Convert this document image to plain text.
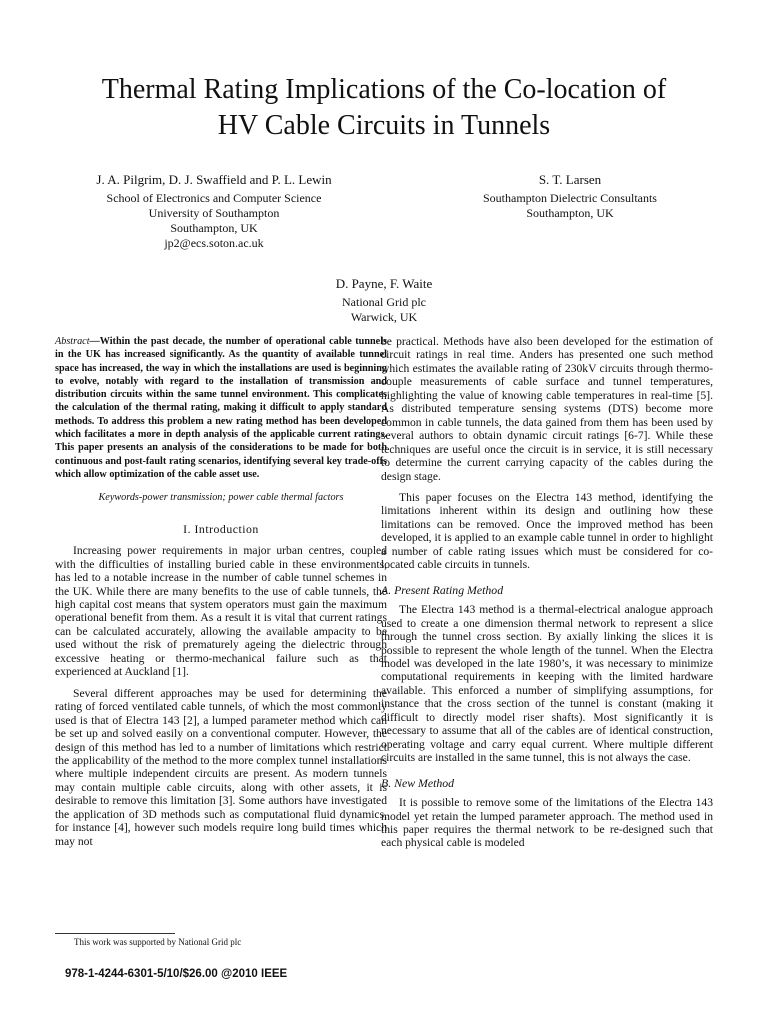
Thermal Rating Implications of the Co-location of
HV Cable Circuits in Tunnels
J. A. Pilgrim, D. J. Swaffield and P. L. Lewin
School of Electronics and Computer Science
University of Southampton
Southampton, UK
jp2@ecs.soton.ac.uk
S. T. Larsen
Southampton Dielectric Consultants
Southampton, UK
D. Payne, F. Waite
National Grid plc
Warwick, UK

Abstract—Within the past decade, the number of operational cable tunnels in the UK has increased significantly. As the quantity of available tunnel space has increased, the way in which the installations are used is beginning to evolve, notably with regard to the installation of transmission and distribution circuits within the same tunnel environment. This complicates the calculation of the thermal rating, making it difficult to apply standard methods. To address this problem a new rating method has been developed which facilitates a more in depth analysis of the applicable current ratings. This paper presents an analysis of the considerations to be made for both continuous and post-fault rating scenarios, identifying several key trade-offs which allow optimization of the cable asset use.

Keywords-power transmission; power cable thermal factors
I. Introduction

Increasing power requirements in major urban centres, coupled with the difficulties of installing buried cable in these environments, has led to a notable increase in the number of cable tunnel schemes in the UK. While there are many benefits to the use of cable tunnels, the high capital cost means that system operators must gain the maximum operational benefit from them. As a result it is vital that current ratings can be calculated accurately, allowing the available ampacity to be used without the risk of prematurely ageing the dielectric through excessive heating or thermo-mechanical failure such as that experienced at Auckland [1].

Several different approaches may be used for determining the rating of forced ventilated cable tunnels, of which the most commonly used is that of Electra 143 [2], a lumped parameter method which can be set up and solved easily on a conventional computer. However, the design of this method has led to a number of limitations which restrict the applicability of the method to the more complex tunnel installations where multiple independent circuits are present. As modern tunnels may contain multiple cable circuits, along with other assets, it is desirable to remove this limitation [3]. Some authors have investigated the application of 3D methods such as computational fluid dynamics, for instance [4], however such models require long build times which may not

be practical. Methods have also been developed for the estimation of circuit ratings in real time. Anders has presented one such method which estimates the available rating of 230kV circuits through thermo-couple measurements of cable surface and tunnel temperatures, highlighting the value of knowing cable temperatures in real-time [5]. As distributed temperature sensing systems (DTS) become more common in cable tunnels, the data gained from them has been used by several authors to obtain dynamic circuit ratings [6-7]. While these techniques are useful once the circuit is in service, it is still necessary to determine the current carrying capacity of the cables during the design stage.

This paper focuses on the Electra 143 method, identifying the limitations inherent within its design and outlining how these limitations can be removed. Once the improved method has been developed, it is applied to an example cable tunnel in order to highlight a number of cable rating issues which must be considered for co-located cable circuits in tunnels.

A. Present Rating Method

The Electra 143 method is a thermal-electrical analogue approach used to create a one dimension thermal network to represent a slice through the tunnel cross section. By axially linking the slices it is possible to represent the whole length of the tunnel. When the Electra model was developed in the late 1980’s, it was necessary to minimize computational requirements in keeping with the limited hardware available. This enforced a number of simplifying assumptions, for instance that the cross section of the tunnel is constant (making it difficult to directly model riser shafts). Most significantly it is necessary to assume that all of the cables are of identical construction, operating voltage and carry equal current. Where multiple different circuits are installed in the same tunnel, this is not always the case.

B. New Method

It is possible to remove some of the limitations of the Electra 143 model yet retain the lumped parameter approach. The method used in this paper requires the thermal network to be re-designed such that each physical cable is modeled

This work was supported by National Grid plc
978-1-4244-6301-5/10/$26.00 @2010 IEEE
